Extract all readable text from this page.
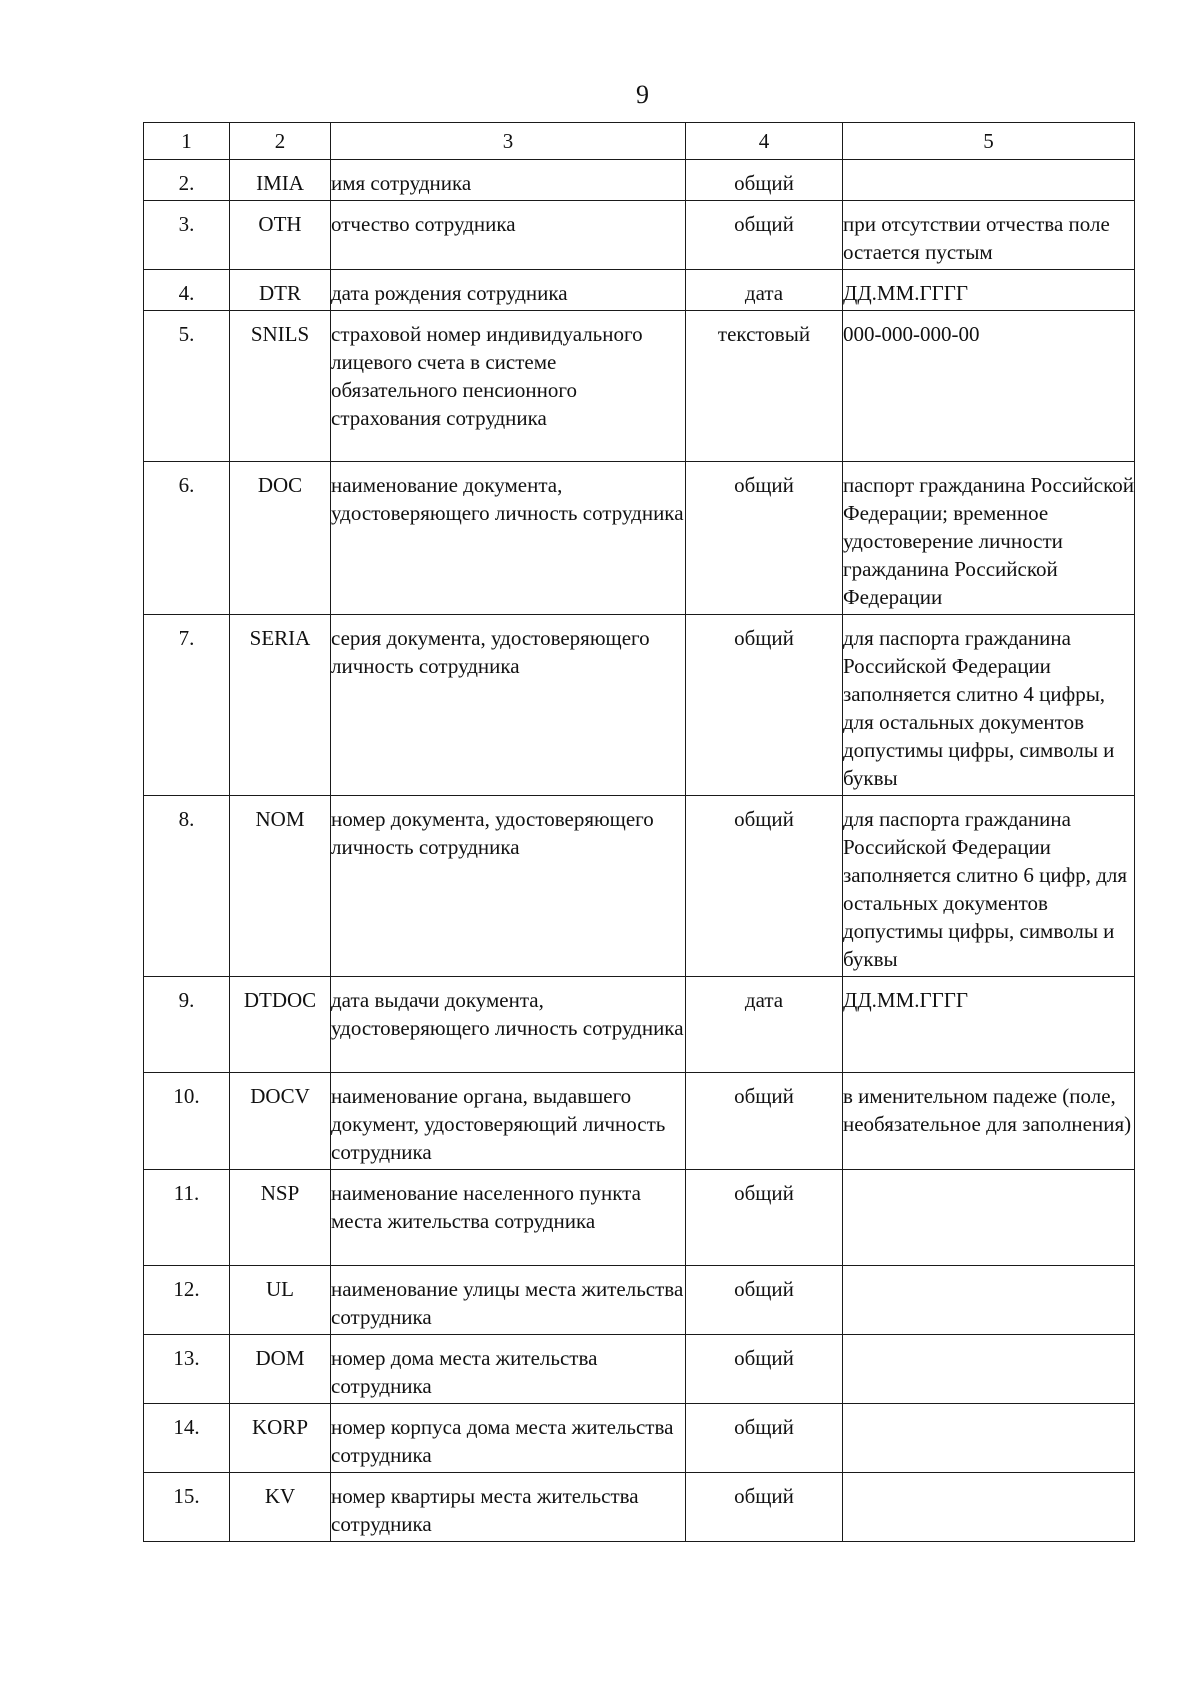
9
1	2	3	4	5
2.	IMIA	имя сотрудника	общий	
3.	OTH	отчество сотрудника	общий	при отсутствии отчества поле остается пустым
4.	DTR	дата рождения сотрудника	дата	ДД.ММ.ГГГГ
5.	SNILS	страховой номер индивидуального лицевого счета в системе обязательного пенсионного страхования сотрудника	текстовый	000-000-000-00
6.	DOC	наименование документа, удостоверяющего личность сотрудника	общий	паспорт гражданина Российской Федерации; временное удостоверение личности гражданина Российской Федерации
7.	SERIA	серия документа, удостоверяющего личность сотрудника	общий	для паспорта гражданина Российской Федерации заполняется слитно 4 цифры, для остальных документов допустимы цифры, символы и буквы
8.	NOM	номер документа, удостоверяющего личность сотрудника	общий	для паспорта гражданина Российской Федерации заполняется слитно 6 цифр, для остальных документов допустимы цифры, символы и буквы
9.	DTDOC	дата выдачи документа, удостоверяющего личность сотрудника	дата	ДД.ММ.ГГГГ
10.	DOCV	наименование органа, выдавшего документ, удостоверяющий личность сотрудника	общий	в именительном падеже (поле, необязательное для заполнения)
11.	NSP	наименование населенного пункта места жительства сотрудника	общий	
12.	UL	наименование улицы места жительства сотрудника	общий	
13.	DOM	номер дома места жительства сотрудника	общий	
14.	KORP	номер корпуса дома места жительства сотрудника	общий	
15.	KV	номер квартиры места жительства сотрудника	общий	
